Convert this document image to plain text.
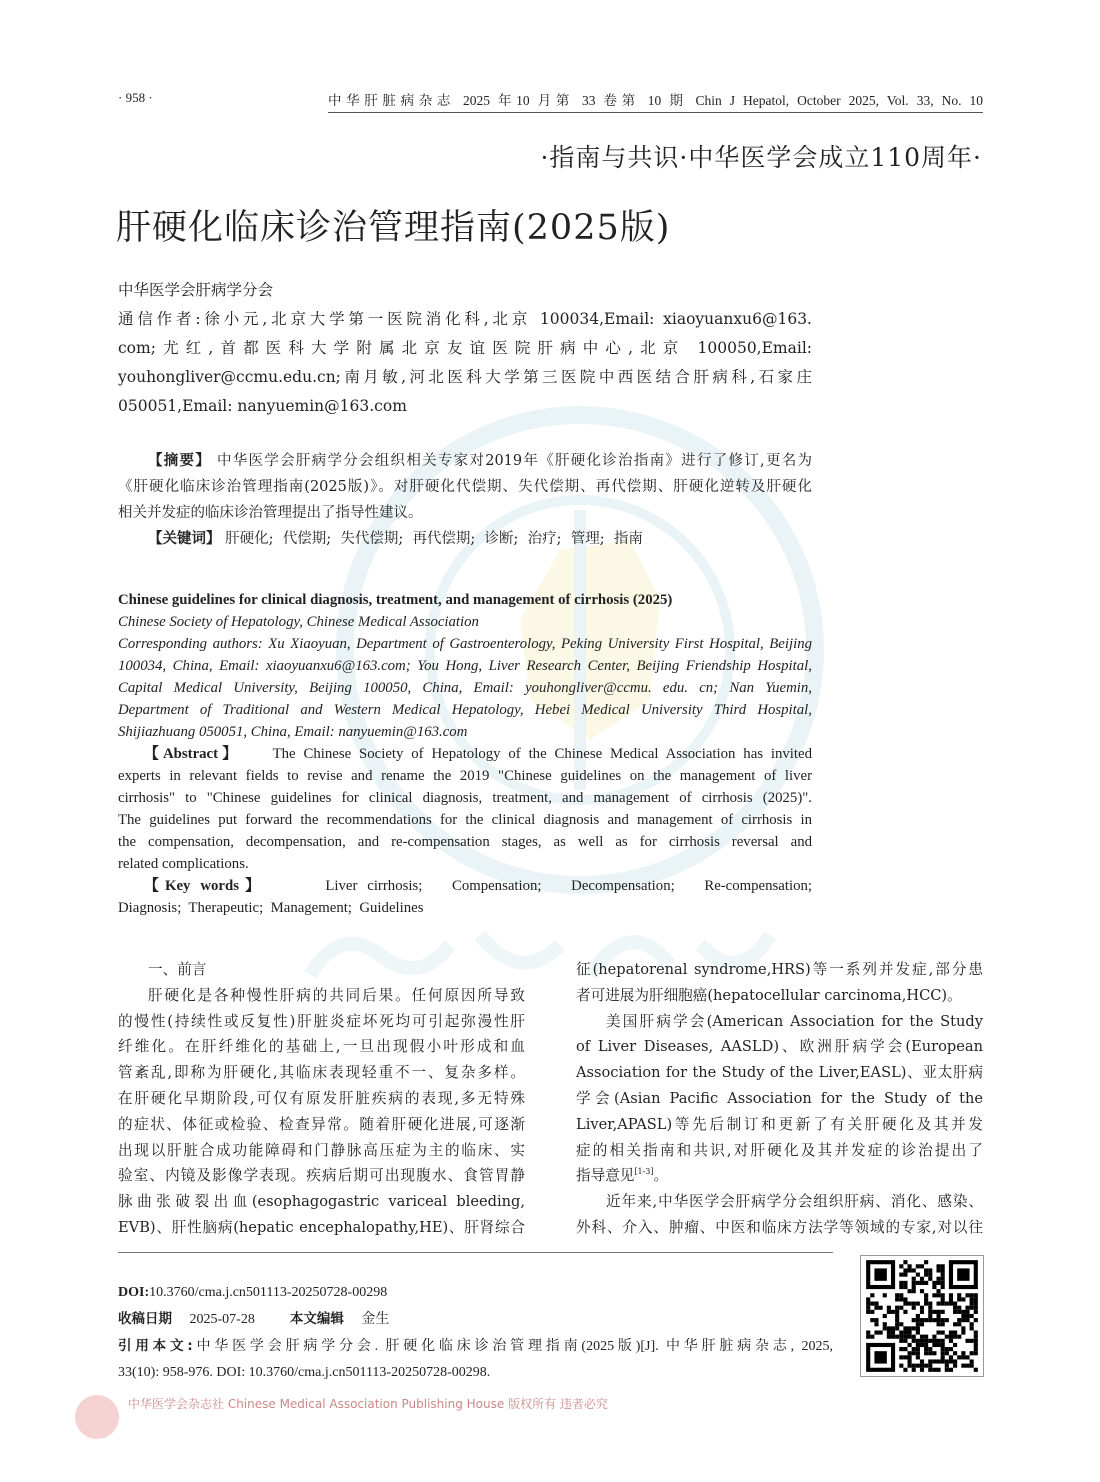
· 958 ·	中华肝脏病杂志 2025 年10 月第 33 卷第 10 期 Chin J Hepatol, October 2025, Vol. 33, No. 10
·指南与共识·中华医学会成立110周年·
肝硬化临床诊治管理指南(2025版)
中华医学会肝病学分会
通信作者:徐小元,北京大学第一医院消化科,北京 100034,Email: xiaoyuanxu6@163.
com;尤红,首都医科大学附属北京友谊医院肝病中心,北京 100050,Email:
youhongliver@ccmu.edu.cn;南月敏,河北医科大学第三医院中西医结合肝病科,石家庄
050051,Email: nanyuemin@163.com
【摘要】 中华医学会肝病学分会组织相关专家对2019年《肝硬化诊治指南》进行了修订,更名为
《肝硬化临床诊治管理指南(2025版)》。对肝硬化代偿期、失代偿期、再代偿期、肝硬化逆转及肝硬化
相关并发症的临床诊治管理提出了指导性建议。
【关键词】 肝硬化; 代偿期; 失代偿期; 再代偿期; 诊断; 治疗; 管理; 指南
Chinese guidelines for clinical diagnosis, treatment, and management of cirrhosis (2025)
Chinese Society of Hepatology, Chinese Medical Association
Corresponding authors: Xu Xiaoyuan, Department of Gastroenterology, Peking University First Hospital, Beijing
100034, China, Email: xiaoyuanxu6@163.com; You Hong, Liver Research Center, Beijing Friendship Hospital,
Capital Medical University, Beijing 100050, China, Email: youhongliver@ccmu. edu. cn; Nan Yuemin,
Department of Traditional and Western Medical Hepatology, Hebei Medical University Third Hospital,
Shijiazhuang 050051, China, Email: nanyuemin@163.com
【Abstract】 The Chinese Society of Hepatology of the Chinese Medical Association has invited
experts in relevant fields to revise and rename the 2019 "Chinese guidelines on the management of liver
cirrhosis" to "Chinese guidelines for clinical diagnosis, treatment, and management of cirrhosis (2025)".
The guidelines put forward the recommendations for the clinical diagnosis and management of cirrhosis in
the compensation, decompensation, and re-compensation stages, as well as for cirrhosis reversal and
related complications.
【Key words】	Liver cirrhosis;   Compensation;   Decompensation;   Re-compensation;
Diagnosis;  Therapeutic;  Management;  Guidelines
一、前言
肝硬化是各种慢性肝病的共同后果。任何原因所导致
的慢性(持续性或反复性)肝脏炎症坏死均可引起弥漫性肝
纤维化。在肝纤维化的基础上,一旦出现假小叶形成和血
管紊乱,即称为肝硬化,其临床表现轻重不一、复杂多样。
在肝硬化早期阶段,可仅有原发肝脏疾病的表现,多无特殊
的症状、体征或检验、检查异常。随着肝硬化进展,可逐渐
出现以肝脏合成功能障碍和门静脉高压症为主的临床、实
验室、内镜及影像学表现。疾病后期可出现腹水、食管胃静
脉曲张破裂出血(esophagogastric variceal bleeding,
EVB)、肝性脑病(hepatic encephalopathy,HE)、肝肾综合
征(hepatorenal syndrome,HRS)等一系列并发症,部分患
者可进展为肝细胞癌(hepatocellular carcinoma,HCC)。
美国肝病学会(American Association for the Study
of Liver Diseases, AASLD)、欧洲肝病学会(European
Association for the Study of the Liver,EASL)、亚太肝病
学会(Asian Pacific Association for the Study of the
Liver,APASL)等先后制订和更新了有关肝硬化及其并发
症的相关指南和共识,对肝硬化及其并发症的诊治提出了
指导意见[1-3]。
近年来,中华医学会肝病学分会组织肝病、消化、感染、
外科、介入、肿瘤、中医和临床方法学等领域的专家,对以往
DOI:10.3760/cma.j.cn501113-20250728-00298
收稿日期 2025-07-28	本文编辑 金生
引用本文:中华医学会肝病学分会. 肝硬化临床诊治管理指南(2025版)[J]. 中华肝脏病杂志, 2025,
33(10): 958-976. DOI: 10.3760/cma.j.cn501113-20250728-00298.
中华医学会杂志社 Chinese Medical Association Publishing House 版权所有 违者必究
